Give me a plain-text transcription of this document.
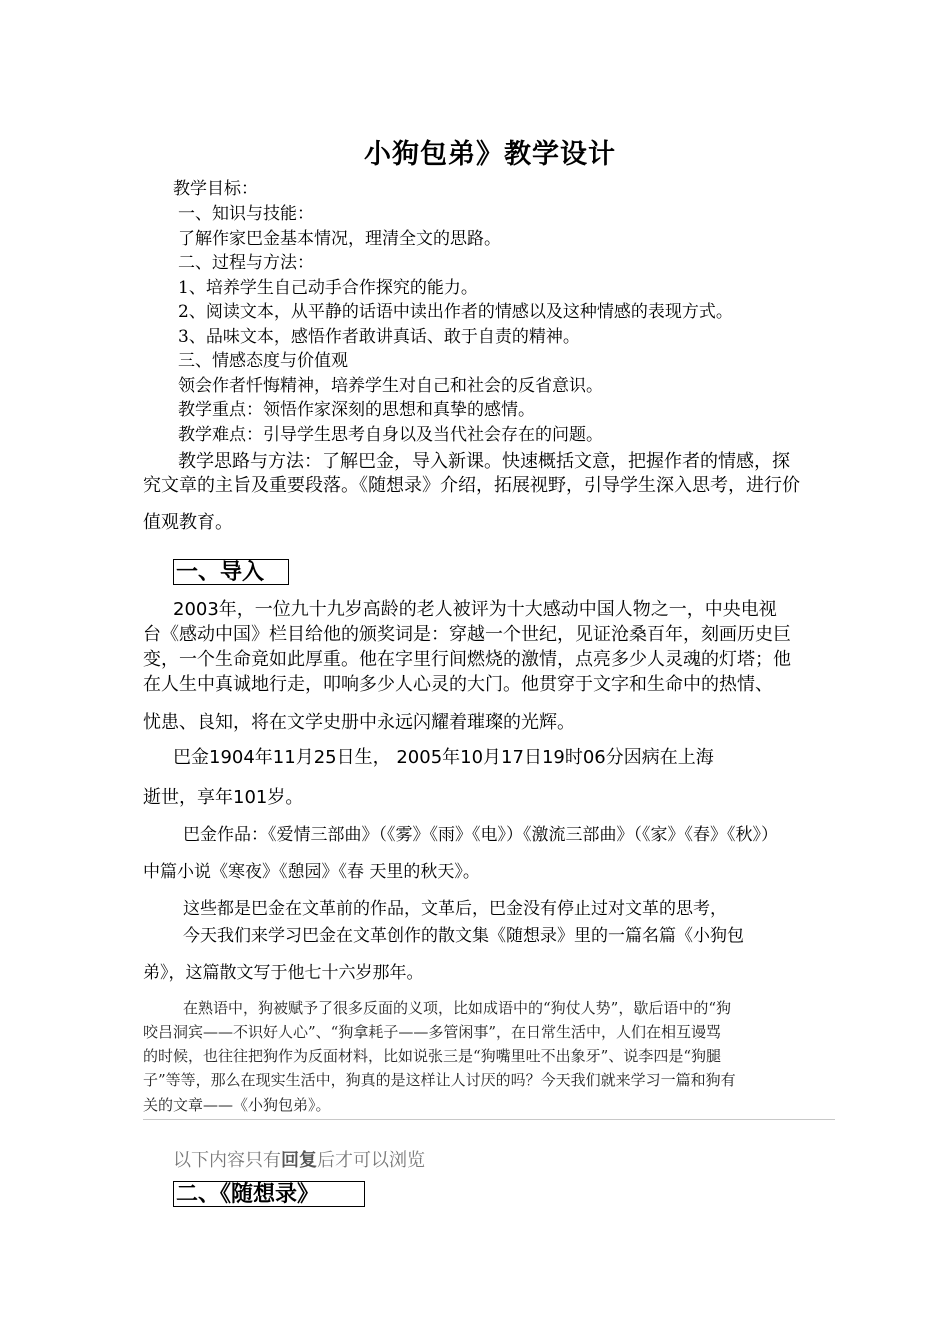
小狗包弟》教学设计
教学目标：
一、知识与技能：
了解作家巴金基本情况，理清全文的思路。
二、过程与方法：
1、培养学生自己动手合作探究的能力。
2、阅读文本，从平静的话语中读出作者的情感以及这种情感的表现方式。
3、品味文本，感悟作者敢讲真话、敢于自责的精神。
三、情感态度与价值观
领会作者忏悔精神，培养学生对自己和社会的反省意识。
教学重点：领悟作家深刻的思想和真挚的感情。
教学难点：引导学生思考自身以及当代社会存在的问题。
教学思路与方法：了解巴金，导入新课。快速概括文意，把握作者的情感，探
究文章的主旨及重要段落。《随想录》介绍，拓展视野，引导学生深入思考，进行价
值观教育。
一、导入
2003年，一位九十九岁高龄的老人被评为十大感动中国人物之一，中央电视
台《感动中国》栏目给他的颁奖词是：穿越一个世纪，见证沧桑百年，刻画历史巨
变，一个生命竟如此厚重。他在字里行间燃烧的激情，点亮多少人灵魂的灯塔；他
在人生中真诚地行走，叩响多少人心灵的大门。他贯穿于文字和生命中的热情、
忧患、良知，将在文学史册中永远闪耀着璀璨的光辉。
巴金1904年11月25日生， 2005年10月17日19时06分因病在上海
逝世，享年101岁。
巴金作品：《爱情三部曲》（《雾》《雨》《电》）《激流三部曲》（《家》《春》《秋》）
中篇小说《寒夜》《憩园》《春 天里的秋天》。
这些都是巴金在文革前的作品，文革后，巴金没有停止过对文革的思考，
今天我们来学习巴金在文革创作的散文集《随想录》里的一篇名篇《小狗包
弟》，这篇散文写于他七十六岁那年。
在熟语中，狗被赋予了很多反面的义项，比如成语中的“狗仗人势”，歇后语中的“狗
咬吕洞宾——不识好人心”、“狗拿耗子——多管闲事”，在日常生活中，人们在相互谩骂
的时候，也往往把狗作为反面材料，比如说张三是“狗嘴里吐不出象牙”、说李四是“狗腿
子”等等，那么在现实生活中，狗真的是这样让人讨厌的吗？今天我们就来学习一篇和狗有
关的文章——《小狗包弟》。
以下内容只有回复后才可以浏览
二、《随想录》
